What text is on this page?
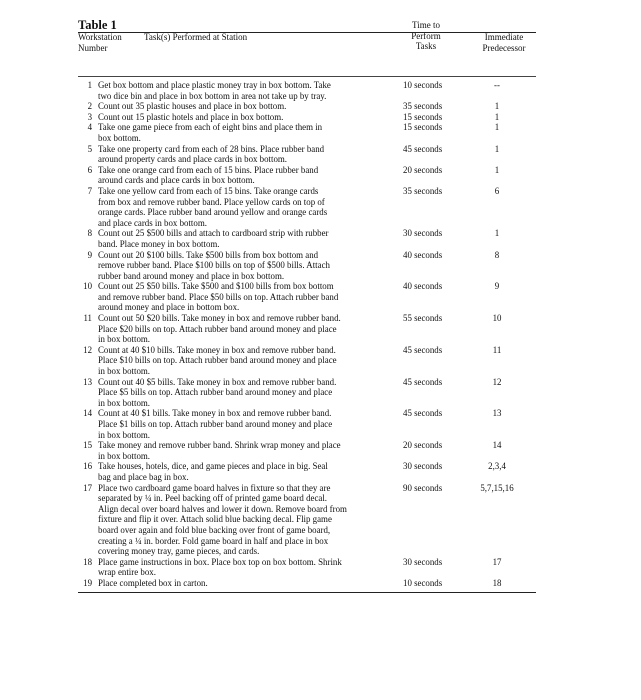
Table 1
Workstation
Number
Task(s) Performed at Station
Time to
Perform
Tasks
Immediate
Predecessor
1 Get box bottom and place plastic money tray in box bottom. Take
two dice bin and place in box bottom in area not take up by tray.
10 seconds	--
2 Count out 35 plastic houses and place in box bottom.	35 seconds	1
3 Count out 15 plastic hotels and place in box bottom.	15 seconds	1
4 Take one game piece from each of eight bins and place them in
box bottom.
15 seconds	1
5 Take one property card from each of 28 bins. Place rubber band
around property cards and place cards in box bottom.
45 seconds	1
6 Take one orange card from each of 15 bins. Place rubber band
around cards and place cards in box bottom.
20 seconds	1
7 Take one yellow card from each of 15 bins. Take orange cards
from box and remove rubber band. Place yellow cards on top of
orange cards. Place rubber band around yellow and orange cards
and place cards in box bottom.
35 seconds	6
8 Count out 25 $500 bills and attach to cardboard strip with rubber
band. Place money in box bottom.
30 seconds	1
9 Count out 20 $100 bills. Take $500 bills from box bottom and
remove rubber band. Place $100 bills on top of $500 bills. Attach
rubber band around money and place in box bottom.
40 seconds	8
10 Count out 25 $50 bills. Take $500 and $100 bills from box bottom
and remove rubber band. Place $50 bills on top. Attach rubber band
around money and place in bottom box.
40 seconds	9
11 Count out 50 $20 bills. Take money in box and remove rubber band.
Place $20 bills on top. Attach rubber band around money and place
in box bottom.
55 seconds	10
12 Count at 40 $10 bills. Take money in box and remove rubber band.
Place $10 bills on top. Attach rubber band around money and place
in box bottom.
45 seconds	11
13 Count out 40 $5 bills. Take money in box and remove rubber band.
Place $5 bills on top. Attach rubber band around money and place
in box bottom.
45 seconds	12
14 Count at 40 $1 bills. Take money in box and remove rubber band.
Place $1 bills on top. Attach rubber band around money and place
in box bottom.
45 seconds	13
15 Take money and remove rubber band. Shrink wrap money and place
in box bottom.
20 seconds	14
16 Take houses, hotels, dice, and game pieces and place in big. Seal
bag and place bag in box.
30 seconds	2,3,4
17 Place two cardboard game board halves in fixture so that they are
separated by ¼ in. Peel backing off of printed game board decal.
Align decal over board halves and lower it down. Remove board from
fixture and flip it over. Attach solid blue backing decal. Flip game
board over again and fold blue backing over front of game board,
creating a ¼ in. border. Fold game board in half and place in box
covering money tray, game pieces, and cards.
90 seconds	5,7,15,16
18 Place game instructions in box. Place box top on box bottom. Shrink
wrap entire box.
30 seconds	17
19 Place completed box in carton.	10 seconds	18
